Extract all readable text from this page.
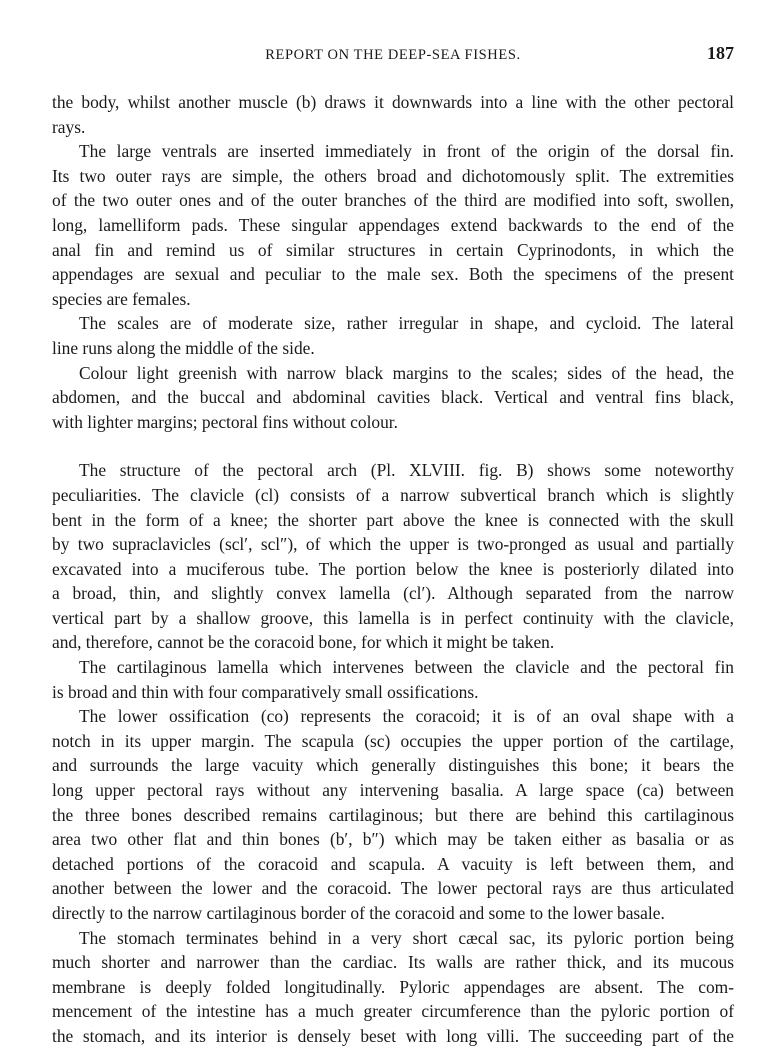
REPORT ON THE DEEP-SEA FISHES.	187
the body, whilst another muscle (b) draws it downwards into a line with the other pectoral
rays.
The large ventrals are inserted immediately in front of the origin of the dorsal fin.
Its two outer rays are simple, the others broad and dichotomously split. The extremities
of the two outer ones and of the outer branches of the third are modified into soft, swollen,
long, lamelliform pads. These singular appendages extend backwards to the end of the
anal fin and remind us of similar structures in certain Cyprinodonts, in which the
appendages are sexual and peculiar to the male sex. Both the specimens of the present
species are females.
The scales are of moderate size, rather irregular in shape, and cycloid. The lateral
line runs along the middle of the side.
Colour light greenish with narrow black margins to the scales; sides of the head, the
abdomen, and the buccal and abdominal cavities black. Vertical and ventral fins black,
with lighter margins; pectoral fins without colour.
The structure of the pectoral arch (Pl. XLVIII. fig. B) shows some noteworthy
peculiarities. The clavicle (cl) consists of a narrow subvertical branch which is slightly
bent in the form of a knee; the shorter part above the knee is connected with the skull
by two supraclavicles (scl′, scl″), of which the upper is two-pronged as usual and partially
excavated into a muciferous tube. The portion below the knee is posteriorly dilated into
a broad, thin, and slightly convex lamella (cl′). Although separated from the narrow
vertical part by a shallow groove, this lamella is in perfect continuity with the clavicle,
and, therefore, cannot be the coracoid bone, for which it might be taken.
The cartilaginous lamella which intervenes between the clavicle and the pectoral fin
is broad and thin with four comparatively small ossifications.
The lower ossification (co) represents the coracoid; it is of an oval shape with a
notch in its upper margin. The scapula (sc) occupies the upper portion of the cartilage,
and surrounds the large vacuity which generally distinguishes this bone; it bears the
long upper pectoral rays without any intervening basalia. A large space (ca) between
the three bones described remains cartilaginous; but there are behind this cartilaginous
area two other flat and thin bones (b′, b″) which may be taken either as basalia or as
detached portions of the coracoid and scapula. A vacuity is left between them, and
another between the lower and the coracoid. The lower pectoral rays are thus articulated
directly to the narrow cartilaginous border of the coracoid and some to the lower basale.
The stomach terminates behind in a very short cæcal sac, its pyloric portion being
much shorter and narrower than the cardiac. Its walls are rather thick, and its mucous
membrane is deeply folded longitudinally. Pyloric appendages are absent. The com-
mencement of the intestine has a much greater circumference than the pyloric portion of
the stomach, and its interior is densely beset with long villi. The succeeding part of the
